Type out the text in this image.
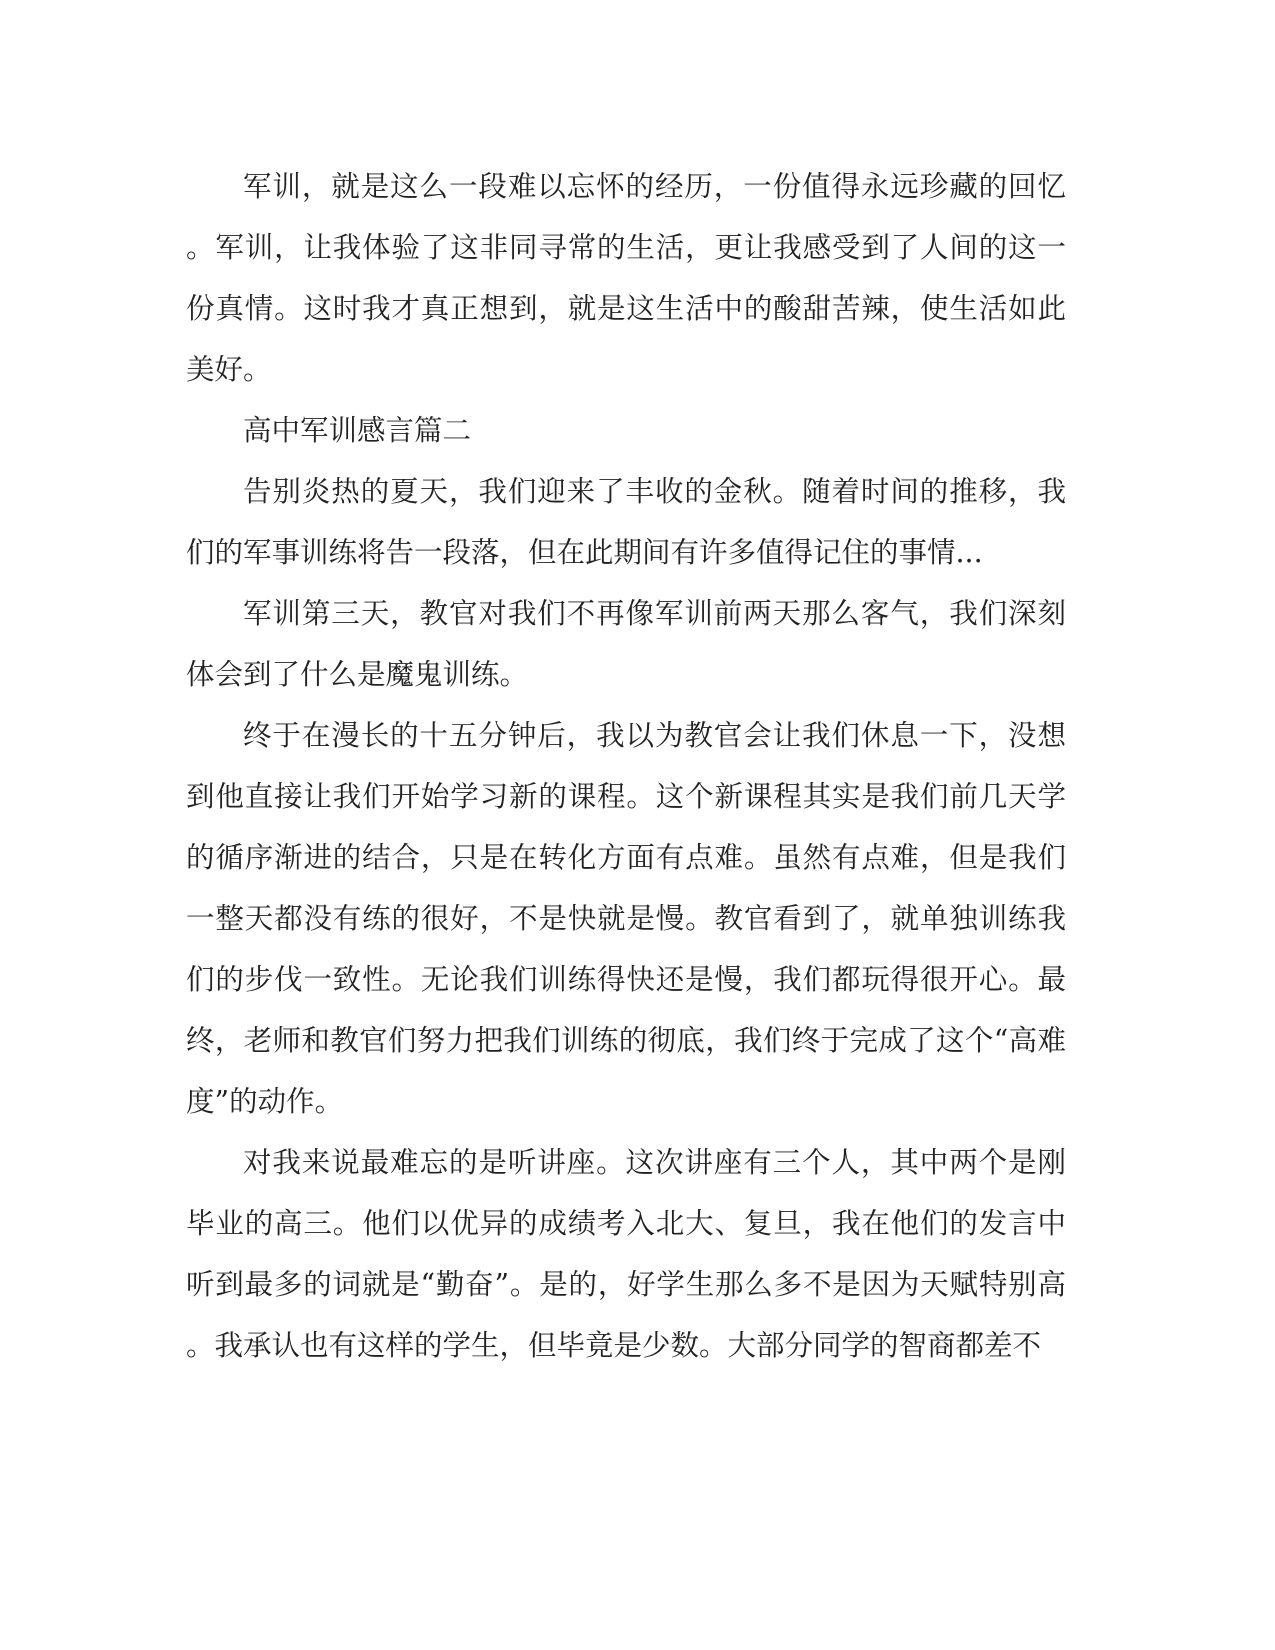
军训，就是这么一段难以忘怀的经历，一份值得永远珍藏的回忆。军训，让我体验了这非同寻常的生活，更让我感受到了人间的这一份真情。这时我才真正想到，就是这生活中的酸甜苦辣，使生活如此美好。

高中军训感言篇二

告别炎热的夏天，我们迎来了丰收的金秋。随着时间的推移，我们的军事训练将告一段落，但在此期间有许多值得记住的事情...

军训第三天，教官对我们不再像军训前两天那么客气，我们深刻体会到了什么是魔鬼训练。

终于在漫长的十五分钟后，我以为教官会让我们休息一下，没想到他直接让我们开始学习新的课程。这个新课程其实是我们前几天学的循序渐进的结合，只是在转化方面有点难。虽然有点难，但是我们一整天都没有练的很好，不是快就是慢。教官看到了，就单独训练我们的步伐一致性。无论我们训练得快还是慢，我们都玩得很开心。最终，老师和教官们努力把我们训练的彻底，我们终于完成了这个“高难度”的动作。

对我来说最难忘的是听讲座。这次讲座有三个人，其中两个是刚毕业的高三。他们以优异的成绩考入北大、复旦，我在他们的发言中听到最多的词就是“勤奋”。是的，好学生那么多不是因为天赋特别高。我承认也有这样的学生，但毕竟是少数。大部分同学的智商都差不
